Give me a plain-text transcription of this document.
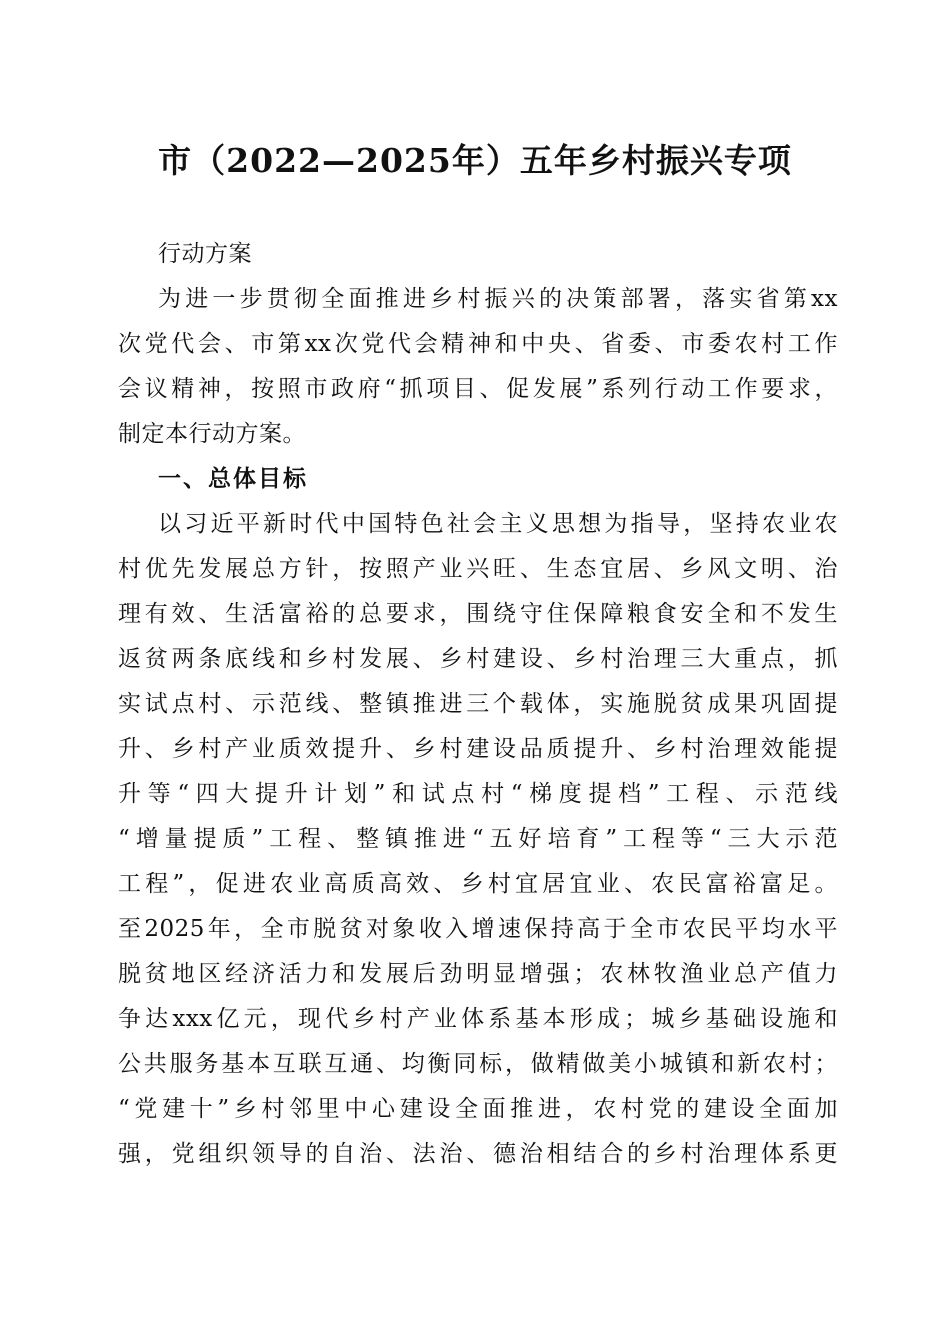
市（2022—2025年）五年乡村振兴专项
行动方案
为进一步贯彻全面推进乡村振兴的决策部署，落实省第xx
次党代会、市第xx次党代会精神和中央、省委、市委农村工作
会议精神，按照市政府“抓项目、促发展”系列行动工作要求，
制定本行动方案。
一、总体目标
以习近平新时代中国特色社会主义思想为指导，坚持农业农
村优先发展总方针，按照产业兴旺、生态宜居、乡风文明、治
理有效、生活富裕的总要求，围绕守住保障粮食安全和不发生
返贫两条底线和乡村发展、乡村建设、乡村治理三大重点，抓
实试点村、示范线、整镇推进三个载体，实施脱贫成果巩固提
升、乡村产业质效提升、乡村建设品质提升、乡村治理效能提
升等“四大提升计划”和试点村“梯度提档”工程、示范线
“增量提质”工程、整镇推进“五好培育”工程等“三大示范
工程”，促进农业高质高效、乡村宜居宜业、农民富裕富足。
至2025年，全市脱贫对象收入增速保持高于全市农民平均水平
脱贫地区经济活力和发展后劲明显增强；农林牧渔业总产值力
争达xxx亿元，现代乡村产业体系基本形成；城乡基础设施和
公共服务基本互联互通、均衡同标，做精做美小城镇和新农村；
“党建十”乡村邻里中心建设全面推进，农村党的建设全面加
强，党组织领导的自治、法治、德治相结合的乡村治理体系更
